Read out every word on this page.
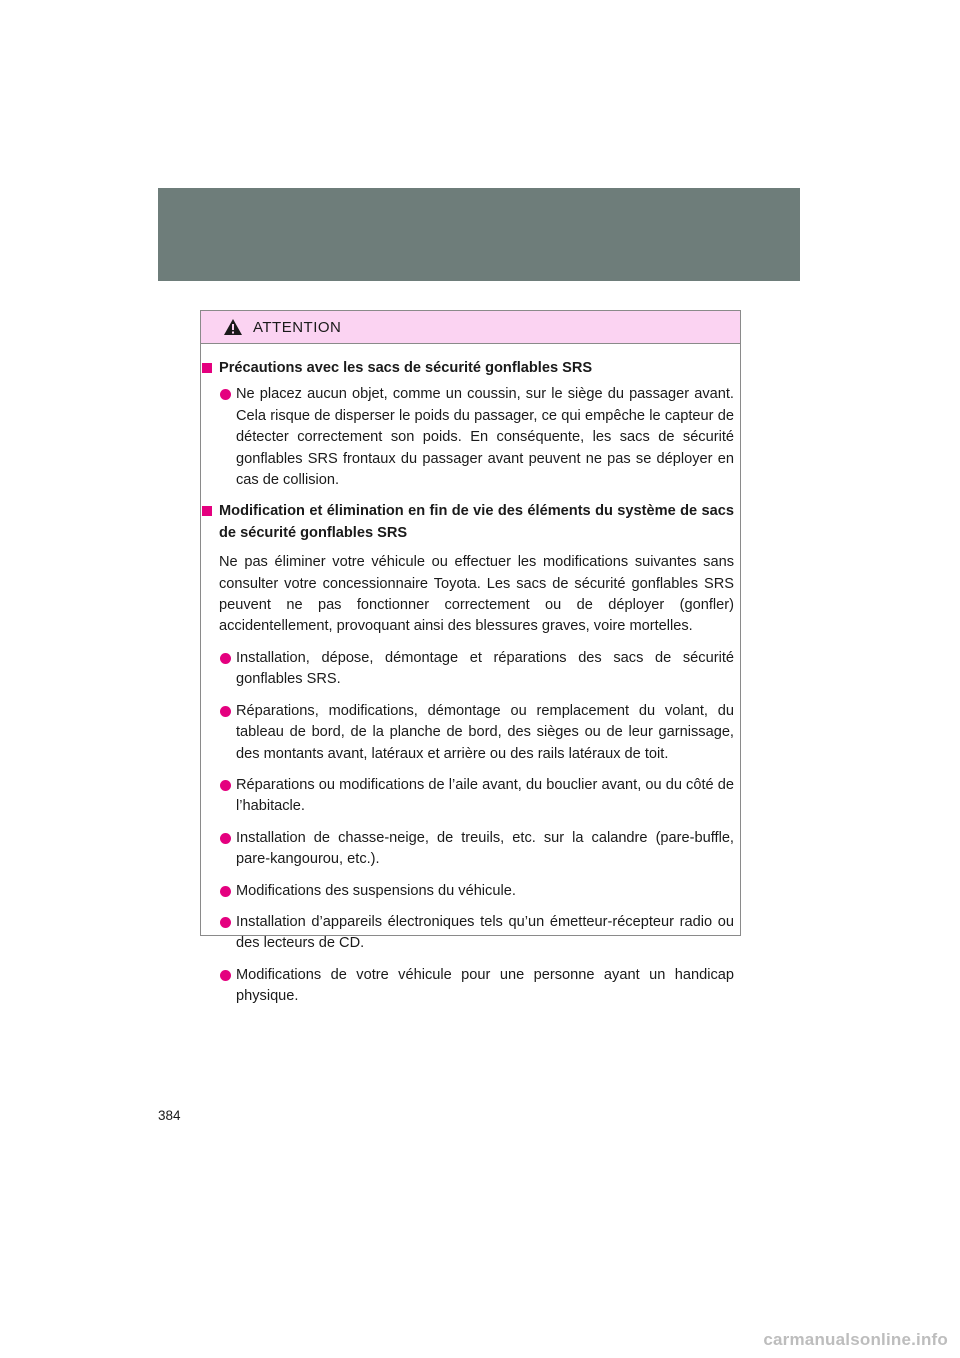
ATTENTION

Précautions avec les sacs de sécurité gonflables SRS

Ne placez aucun objet, comme un coussin, sur le siège du passager avant. Cela risque de disperser le poids du passager, ce qui empêche le capteur de détecter correctement son poids. En conséquente, les sacs de sécurité gonflables SRS frontaux du passager avant peuvent ne pas se déployer en cas de collision.

Modification et élimination en fin de vie des éléments du système de sacs de sécurité gonflables SRS

Ne pas éliminer votre véhicule ou effectuer les modifications suivantes sans consulter votre concessionnaire Toyota. Les sacs de sécurité gonflables SRS peuvent ne pas fonctionner correctement ou de déployer (gonfler) accidentellement, provoquant ainsi des blessures graves, voire mortelles.

Installation, dépose, démontage et réparations des sacs de sécurité gonflables SRS.

Réparations, modifications, démontage ou remplacement du volant, du tableau de bord, de la planche de bord, des sièges ou de leur garnissage, des montants avant, latéraux et arrière ou des rails latéraux de toit.

Réparations ou modifications de l’aile avant, du bouclier avant, ou du côté de l’habitacle.

Installation de chasse-neige, de treuils, etc. sur la calandre (pare-buffle, pare-kangourou, etc.).

Modifications des suspensions du véhicule.

Installation d’appareils électroniques tels qu’un émetteur-récepteur radio ou des lecteurs de CD.

Modifications de votre véhicule pour une personne ayant un handicap physique.

384
carmanualsonline.info
